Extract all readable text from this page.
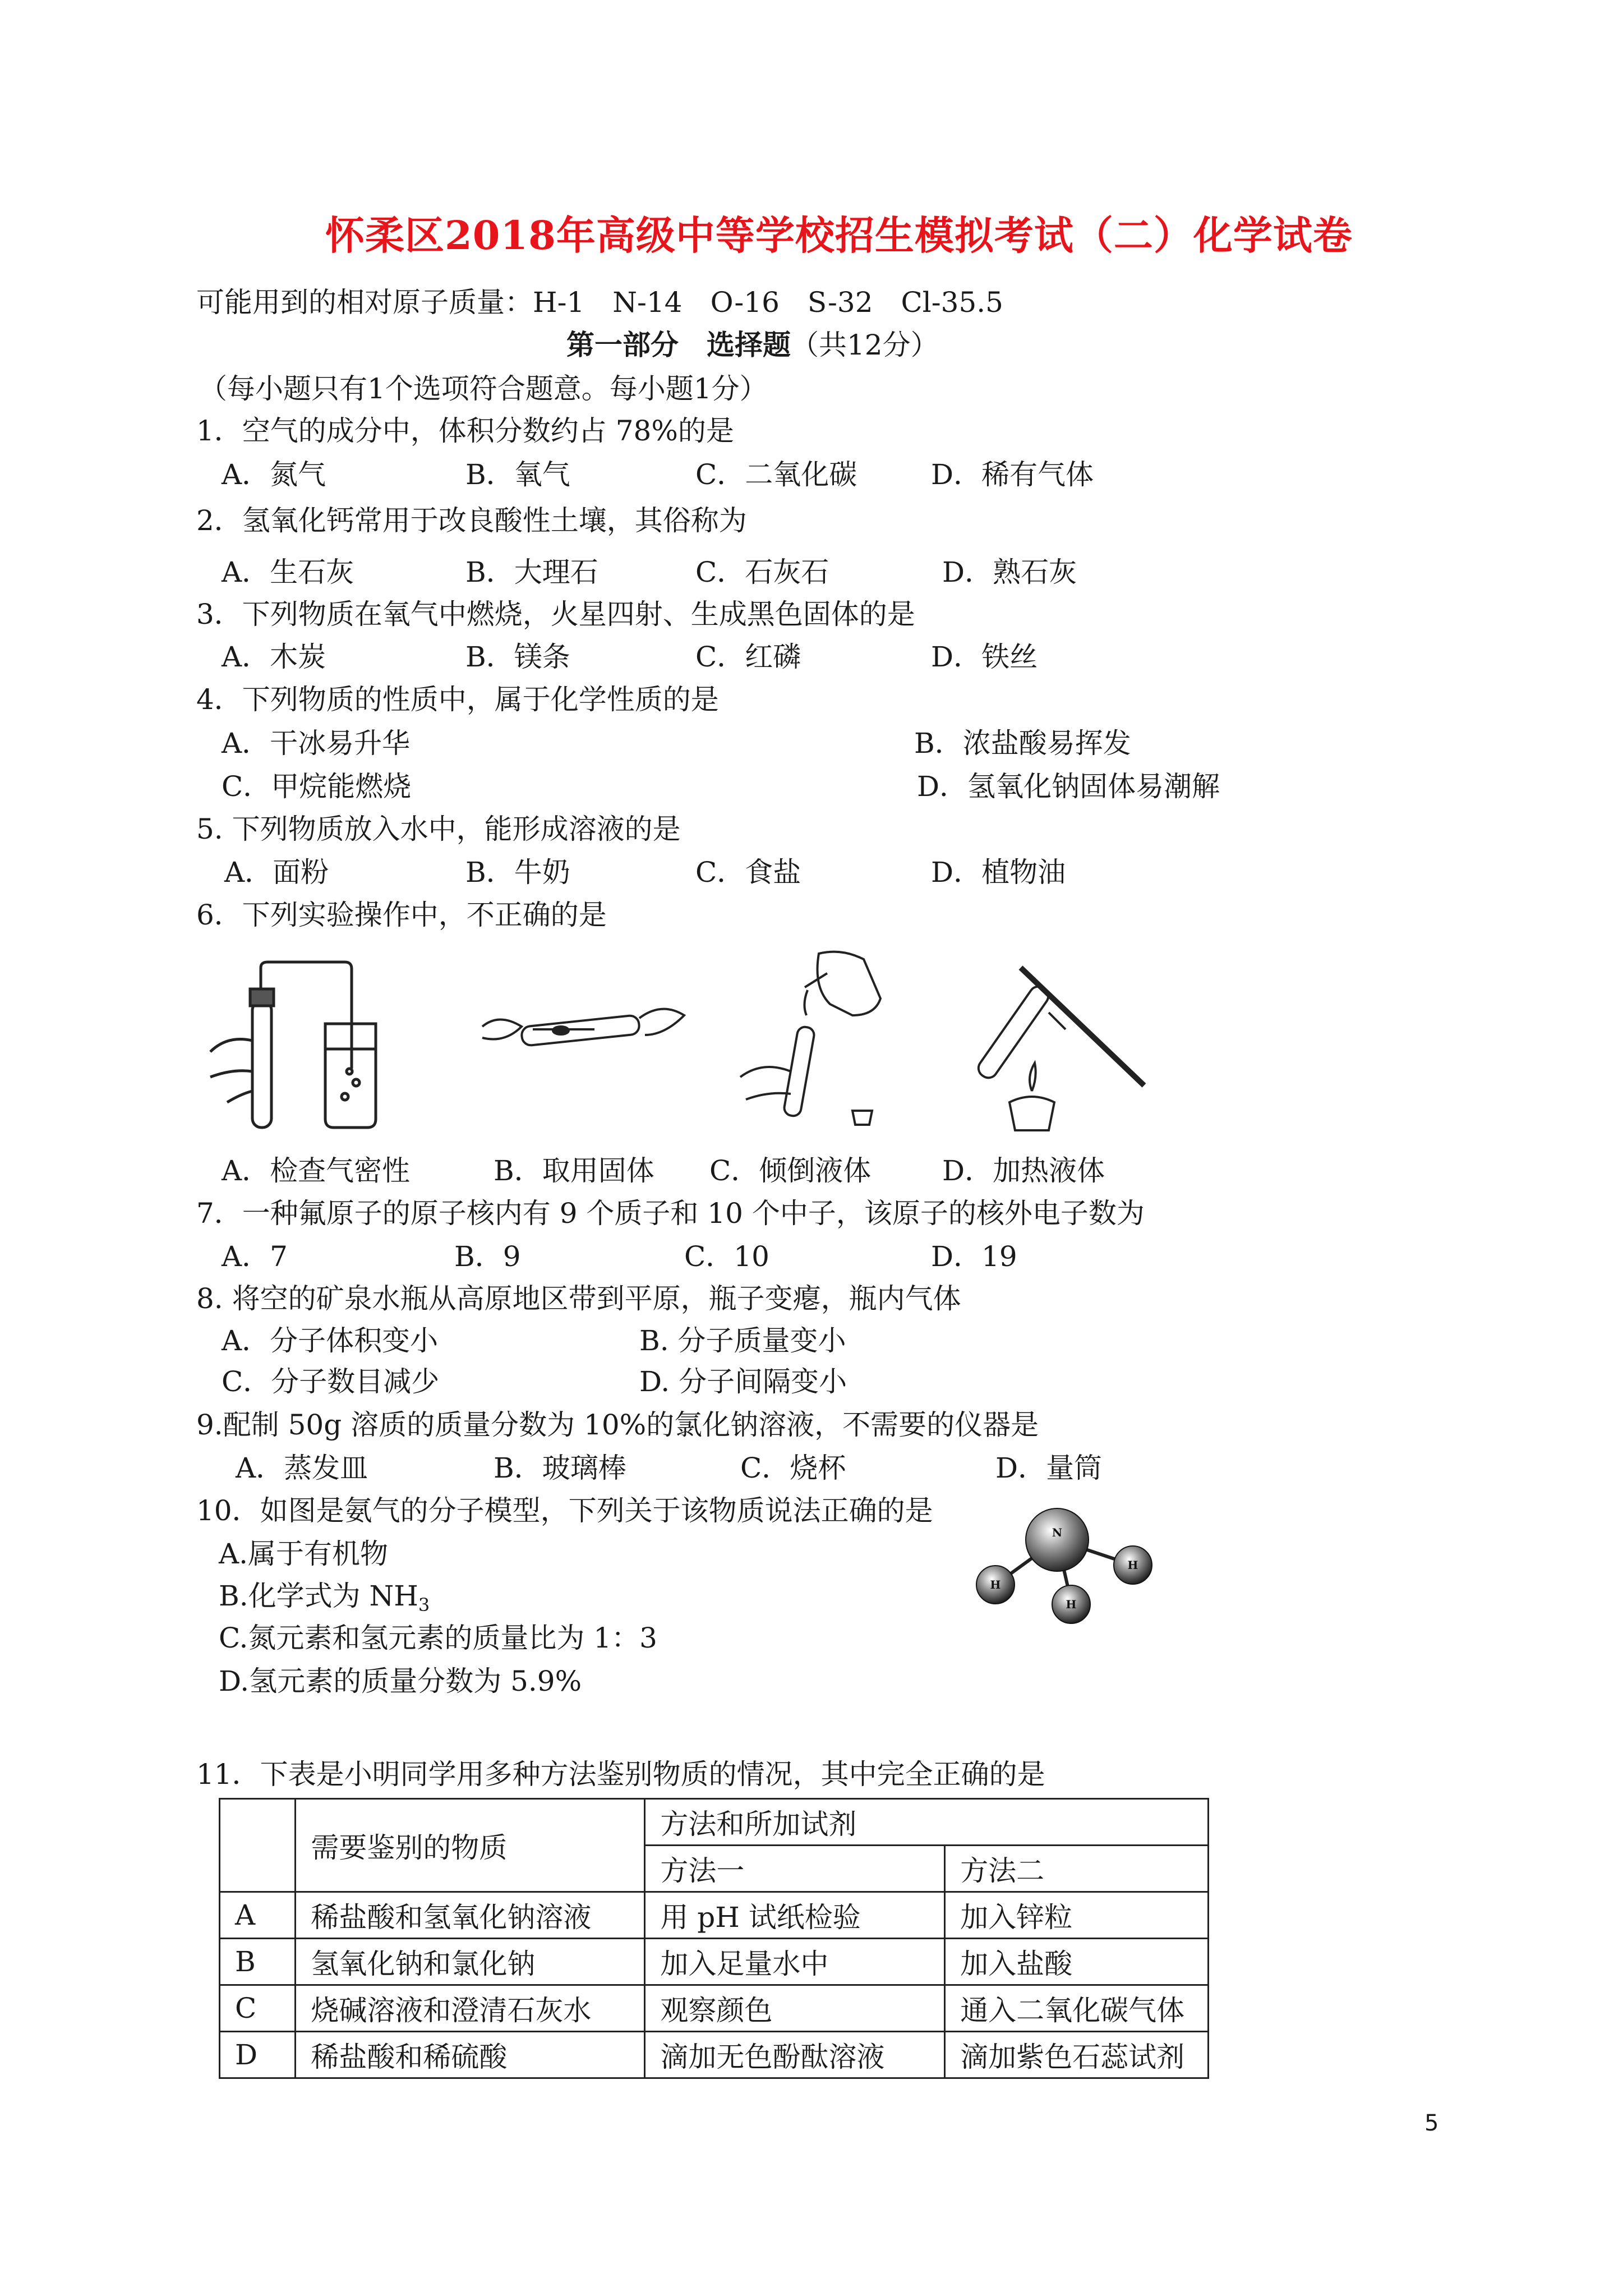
怀柔区2018年高级中等学校招生模拟考试（二）化学试卷
可能用到的相对原子质量：H-1　N-14　O-16　S-32　Cl-35.5
第一部分　选择题（共12分）
（每小题只有1个选项符合题意。每小题1分）
1．空气的成分中，体积分数约占 78%的是
A．氮气	B．氧气	C．二氧化碳	D．稀有气体
2．氢氧化钙常用于改良酸性土壤，其俗称为
A．生石灰	B．大理石	C．石灰石	D．熟石灰
3．下列物质在氧气中燃烧，火星四射、生成黑色固体的是
A．木炭	B．镁条	C．红磷	D．铁丝
4．下列物质的性质中，属于化学性质的是
A．干冰易升华	B．浓盐酸易挥发
C．甲烷能燃烧	D．氢氧化钠固体易潮解
5. 下列物质放入水中，能形成溶液的是
A．面粉	B．牛奶	C．食盐	D．植物油
6．下列实验操作中，不正确的是
A．检查气密性	B．取用固体 C．倾倒液体	D．加热液体
7．一种氟原子的原子核内有 9 个质子和 10 个中子，该原子的核外电子数为
A．7	B．9	C．10	D．19
8. 将空的矿泉水瓶从高原地区带到平原，瓶子变瘪，瓶内气体
A．分子体积变小	B. 分子质量变小
C．分子数目减少	D. 分子间隔变小
9.配制 50g 溶质的质量分数为 10%的氯化钠溶液，不需要的仪器是
A．蒸发皿	B．玻璃棒	C．烧杯	D．量筒
10．如图是氨气的分子模型，下列关于该物质说法正确的是
A.属于有机物
B.化学式为 $NH_3$
C.氮元素和氢元素的质量比为 1：3
D.氢元素的质量分数为 5.9%
N
H
H
H
11．下表是小明同学用多种方法鉴别物质的情况，其中完全正确的是
	需要鉴别的物质	方法和所加试剂	
		方法一	方法二
A	稀盐酸和氢氧化钠溶液	用 pH 试纸检验	加入锌粒
B	氢氧化钠和氯化钠	加入足量水中	加入盐酸
C	烧碱溶液和澄清石灰水	观察颜色	通入二氧化碳气体
D	稀盐酸和稀硫酸	滴加无色酚酞溶液	滴加紫色石蕊试剂
5
